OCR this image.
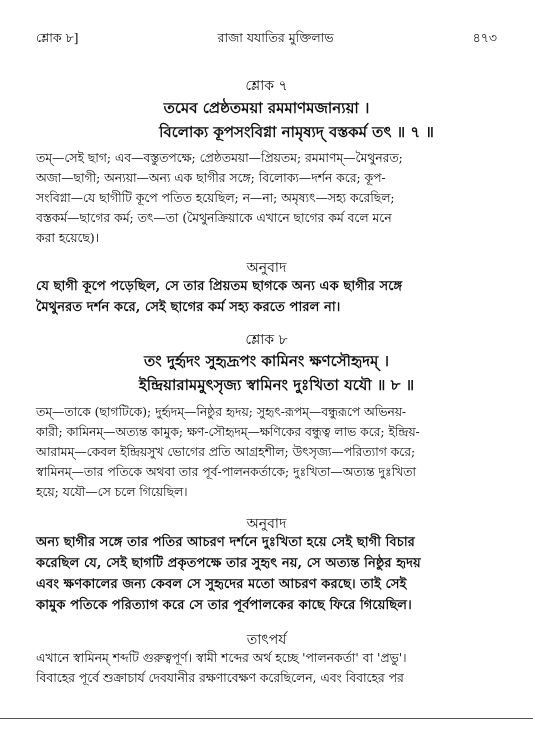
শ্লোক ৮]	রাজা যযাতির মুক্তিলাভ	৪৭৩
শ্লোক ৭
তমেব প্রেষ্ঠতময়া রমমাণমজান্যয়া ।
বিলোক্য কূপসংবিগ্না নামৃষ্যদ্ বস্তকর্ম তৎ ॥ ৭ ॥
তম্—সেই ছাগ; এব—বস্তুতপক্ষে; প্রেষ্ঠতময়া—প্রিয়তম; রমমাণম্—মৈথুনরত;
অজা—ছাগী; অন্যয়া—অন্য এক ছাগীর সঙ্গে; বিলোক্য—দর্শন করে; কূপ-
সংবিগ্না—যে ছাগীটি কূপে পতিত হয়েছিল; ন—না; অমৃষ্যৎ—সহ্য করেছিল;
বস্তকর্ম—ছাগের কর্ম; তৎ—তা (মৈথুনক্রিয়াকে এখানে ছাগের কর্ম বলে মনে
করা হয়েছে)।
অনুবাদ
যে ছাগী কূপে পড়েছিল, সে তার প্রিয়তম ছাগকে অন্য এক ছাগীর সঙ্গে
মৈথুনরত দর্শন করে, সেই ছাগের কর্ম সহ্য করতে পারল না।
শ্লোক ৮
তং দুর্হৃদং সুহৃদ্রূপং কামিনং ক্ষণসৌহৃদম্ ।
ইন্দ্রিয়ারামমুৎসৃজ্য স্বামিনং দুঃখিতা যযৌ ॥ ৮ ॥
তম্—তাকে (ছাগটিকে); দুর্হৃদম্—নিষ্ঠুর হৃদয়; সুহৃৎ-রূপম্—বন্ধুরূপে অভিনয়-
কারী; কামিনম্—অত্যন্ত কামুক; ক্ষণ-সৌহৃদম্—ক্ষণিকের বন্ধুত্ব লাভ করে; ইন্দ্রিয়-
আরামম্—কেবল ইন্দ্রিয়সুখ ভোগের প্রতি আগ্রহশীল; উৎসৃজ্য—পরিত্যাগ করে;
স্বামিনম্—তার পতিকে অথবা তার পূর্ব-পালনকর্তাকে; দুঃখিতা—অত্যন্ত দুঃখিতা
হয়ে; যযৌ—সে চলে গিয়েছিল।
অনুবাদ
অন্য ছাগীর সঙ্গে তার পতির আচরণ দর্শনে দুঃখিতা হয়ে সেই ছাগী বিচার
করেছিল যে, সেই ছাগটি প্রকৃতপক্ষে তার সুহৃৎ নয়, সে অত্যন্ত নিষ্ঠুর হৃদয়
এবং ক্ষণকালের জন্য কেবল সে সুহৃদের মতো আচরণ করছে। তাই সেই
কামুক পতিকে পরিত্যাগ করে সে তার পূর্বপালকের কাছে ফিরে গিয়েছিল।
তাৎপর্য
এখানে স্বামিনম্ শব্দটি গুরুত্বপূর্ণ। স্বামী শব্দের অর্থ হচ্ছে 'পালনকর্তা' বা 'প্রভু'।
বিবাহের পূর্বে শুক্রাচার্য দেবযানীর রক্ষণাবেক্ষণ করেছিলেন, এবং বিবাহের পর
